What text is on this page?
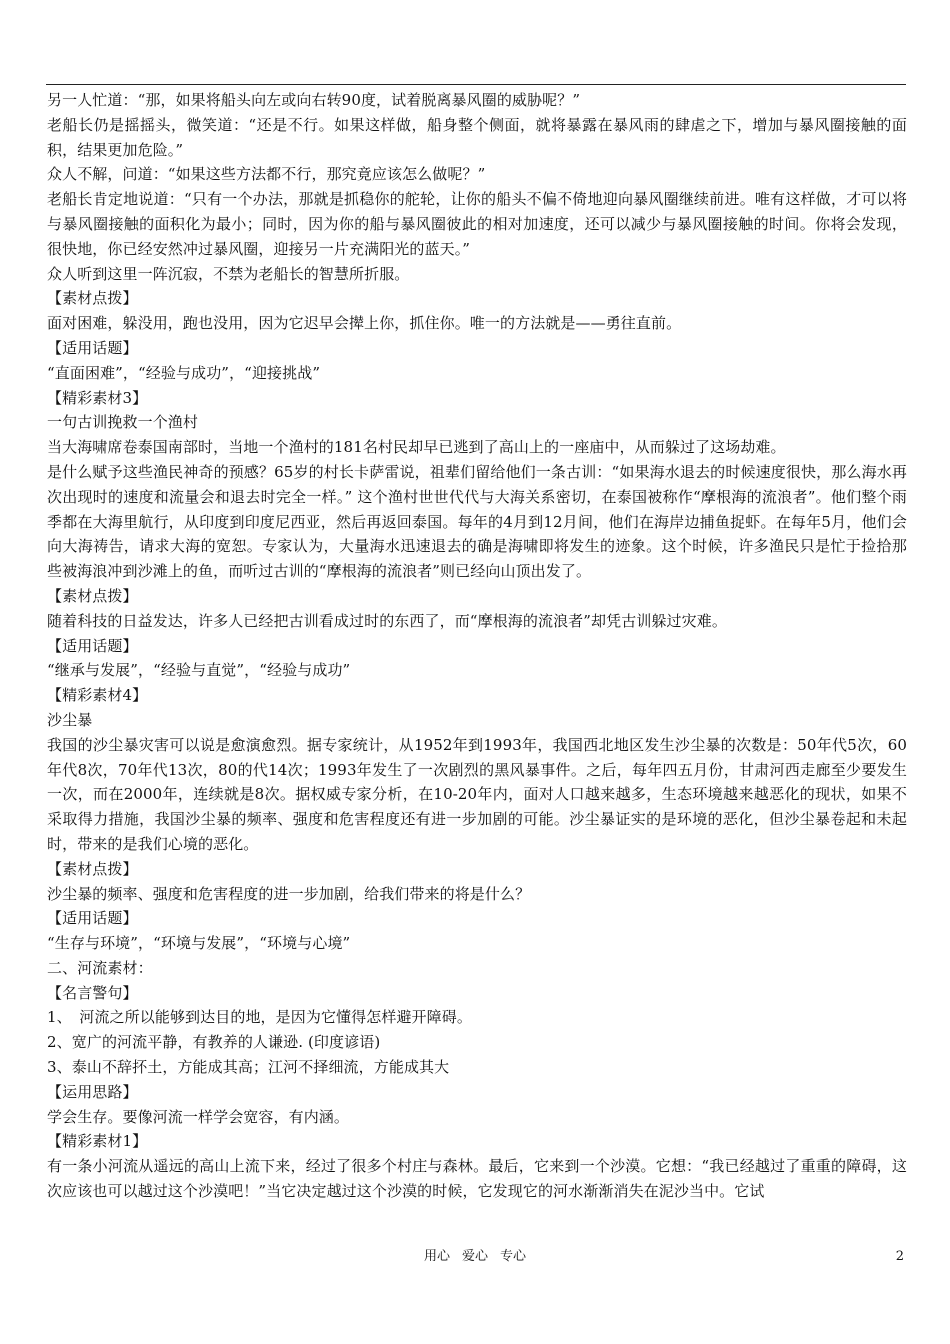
另一人忙道：“那，如果将船头向左或向右转90度，试着脱离暴风圈的威胁呢？”

老船长仍是摇摇头，微笑道：“还是不行。如果这样做，船身整个侧面，就将暴露在暴风雨的肆虐之下，增加与暴风圈接触的面积，结果更加危险。”

众人不解，问道：“如果这些方法都不行，那究竟应该怎么做呢？”

老船长肯定地说道：“只有一个办法，那就是抓稳你的舵轮，让你的船头不偏不倚地迎向暴风圈继续前进。唯有这样做，才可以将与暴风圈接触的面积化为最小；同时，因为你的船与暴风圈彼此的相对加速度，还可以减少与暴风圈接触的时间。你将会发现，很快地，你已经安然冲过暴风圈，迎接另一片充满阳光的蓝天。”

众人听到这里一阵沉寂，不禁为老船长的智慧所折服。

【素材点拨】

面对困难，躲没用，跑也没用，因为它迟早会撵上你，抓住你。唯一的方法就是——勇往直前。

【适用话题】

“直面困难”，“经验与成功”，“迎接挑战”

【精彩素材3】

一句古训挽救一个渔村

当大海啸席卷泰国南部时，当地一个渔村的181名村民却早已逃到了高山上的一座庙中，从而躲过了这场劫难。

是什么赋予这些渔民神奇的预感？65岁的村长卡萨雷说，祖辈们留给他们一条古训：“如果海水退去的时候速度很快，那么海水再次出现时的速度和流量会和退去时完全一样。” 这个渔村世世代代与大海关系密切，在泰国被称作“摩根海的流浪者”。他们整个雨季都在大海里航行，从印度到印度尼西亚，然后再返回泰国。每年的4月到12月间，他们在海岸边捕鱼捉虾。在每年5月，他们会向大海祷告，请求大海的宽恕。专家认为，大量海水迅速退去的确是海啸即将发生的迹象。这个时候，许多渔民只是忙于捡拾那些被海浪冲到沙滩上的鱼，而听过古训的“摩根海的流浪者”则已经向山顶出发了。

【素材点拨】

随着科技的日益发达，许多人已经把古训看成过时的东西了，而“摩根海的流浪者”却凭古训躲过灾难。

【适用话题】

“继承与发展”，“经验与直觉”，“经验与成功”

【精彩素材4】

沙尘暴

我国的沙尘暴灾害可以说是愈演愈烈。据专家统计，从1952年到1993年，我国西北地区发生沙尘暴的次数是：50年代5次，60年代8次，70年代13次，80的代14次；1993年发生了一次剧烈的黑风暴事件。之后，每年四五月份，甘肃河西走廊至少要发生一次，而在2000年，连续就是8次。据权威专家分析，在10-20年内，面对人口越来越多，生态环境越来越恶化的现状，如果不采取得力措施，我国沙尘暴的频率、强度和危害程度还有进一步加剧的可能。沙尘暴证实的是环境的恶化，但沙尘暴卷起和未起时，带来的是我们心境的恶化。

【素材点拨】

沙尘暴的频率、强度和危害程度的进一步加剧，给我们带来的将是什么？

【适用话题】

“生存与环境”，“环境与发展”，“环境与心境”

二、河流素材：

【名言警句】

1、　河流之所以能够到达目的地，是因为它懂得怎样避开障碍。

2、宽广的河流平静，有教养的人谦逊. (印度谚语)

3、泰山不辞抔土，方能成其高；江河不择细流，方能成其大

【运用思路】

学会生存。要像河流一样学会宽容，有内涵。

【精彩素材1】

有一条小河流从遥远的高山上流下来，经过了很多个村庄与森林。最后，它来到一个沙漠。它想：“我已经越过了重重的障碍，这次应该也可以越过这个沙漠吧！”当它决定越过这个沙漠的时候，它发现它的河水渐渐消失在泥沙当中。它试

用心 爱心 专心	2
